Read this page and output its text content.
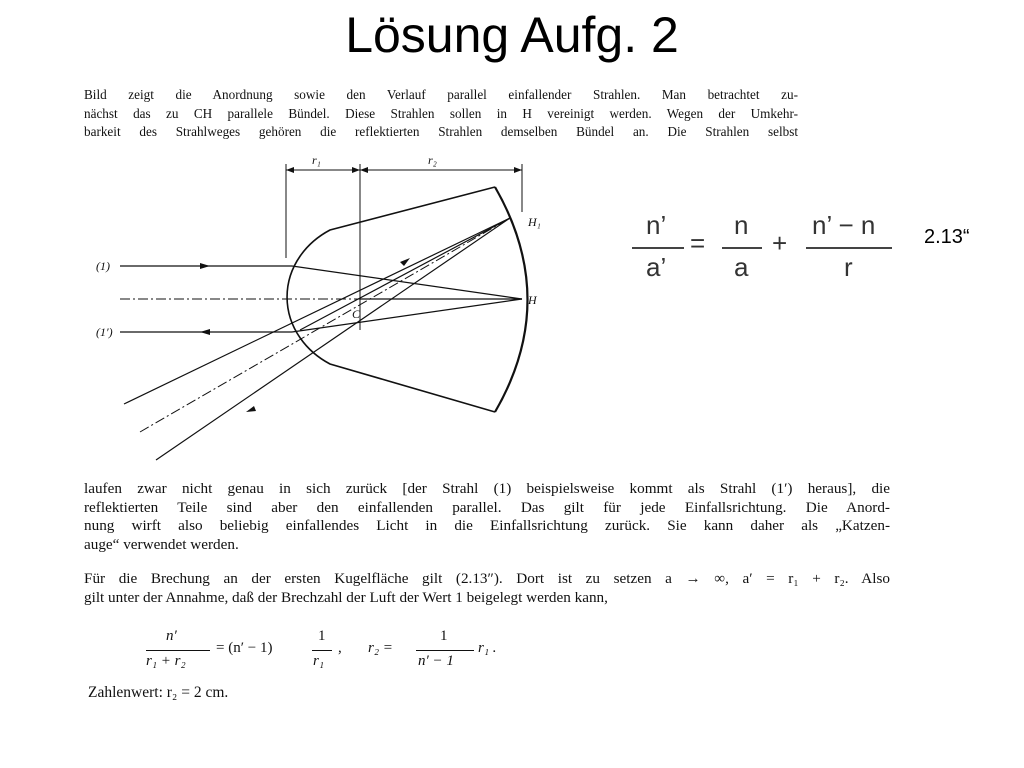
Lösung Aufg. 2
Bild zeigt die Anordnung sowie den Verlauf parallel einfallender Strahlen. Man betrachtet zu-
nächst das zu CH parallele Bündel. Diese Strahlen sollen in H vereinigt werden. Wegen der Umkehr-
barkeit des Strahlweges gehören die reflektierten Strahlen demselben Bündel an. Die Strahlen selbst
r₁	r₂
H₁
H
C
(1)
(1′)
n’
a’
=
n
a
+
n’ − n
r
2.13“
laufen zwar nicht genau in sich zurück [der Strahl (1) beispielsweise kommt als Strahl (1′) heraus], die
reflektierten Teile sind aber den einfallenden parallel. Das gilt für jede Einfallsrichtung. Die Anord-
nung wirft also beliebig einfallendes Licht in die Einfallsrichtung zurück. Sie kann daher als „Katzen-
auge“ verwendet werden.
Für die Brechung an der ersten Kugelfläche gilt (2.13″). Dort ist zu setzen a → ∞, a′ = r₁ + r₂. Also
gilt unter der Annahme, daß der Brechzahl der Luft der Wert 1 beigelegt werden kann,
n′
r₁ + r₂
= (n′ − 1)
1
r₁
, r₂ =
1
n′ − 1
r₁ .
Zahlenwert: r₂ = 2 cm.
